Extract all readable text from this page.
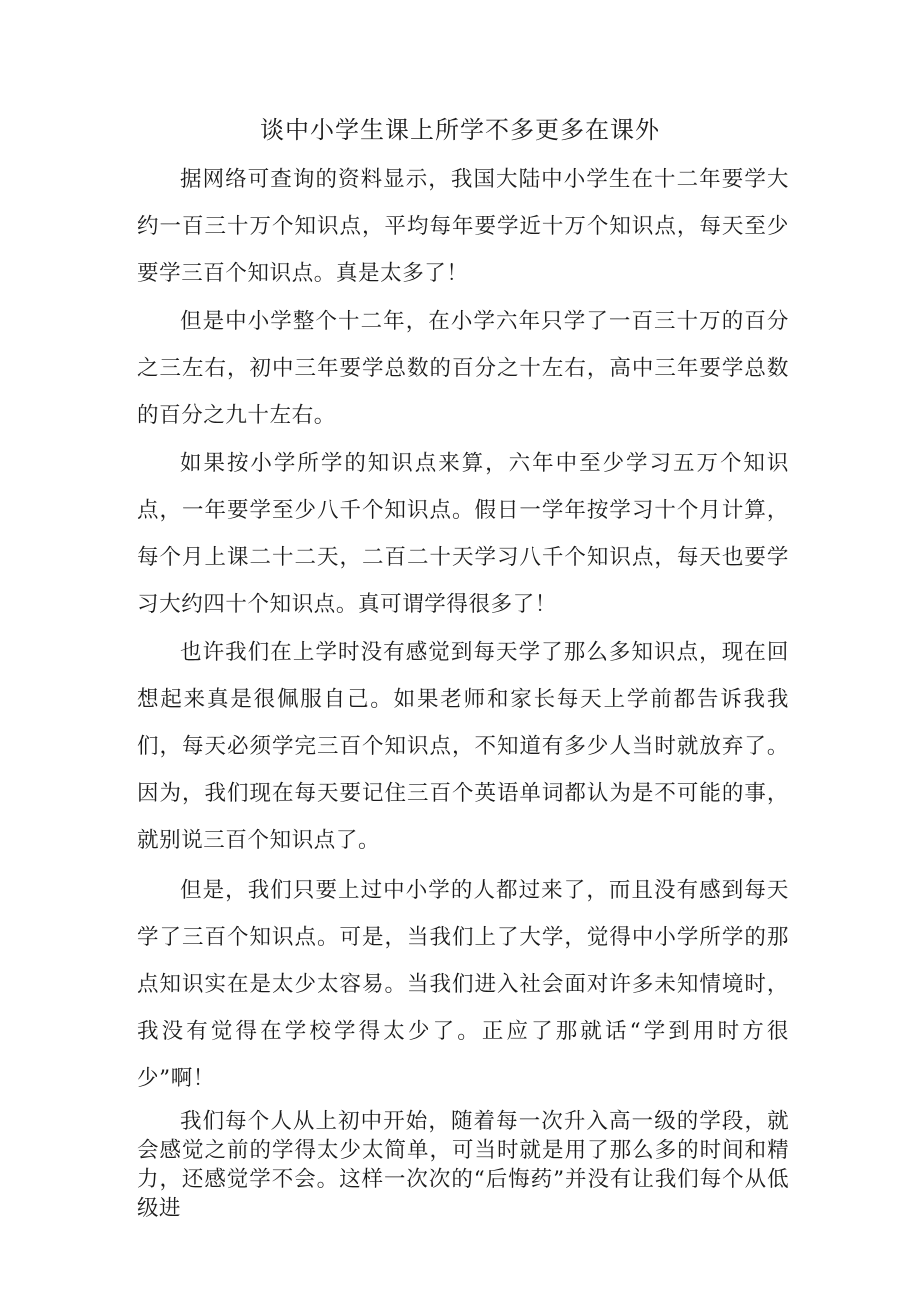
谈中小学生课上所学不多更多在课外

据网络可查询的资料显示，我国大陆中小学生在十二年要学大约一百三十万个知识点，平均每年要学近十万个知识点，每天至少要学三百个知识点。真是太多了！

但是中小学整个十二年，在小学六年只学了一百三十万的百分之三左右，初中三年要学总数的百分之十左右，高中三年要学总数的百分之九十左右。

如果按小学所学的知识点来算，六年中至少学习五万个知识点，一年要学至少八千个知识点。假日一学年按学习十个月计算，每个月上课二十二天，二百二十天学习八千个知识点，每天也要学习大约四十个知识点。真可谓学得很多了！

也许我们在上学时没有感觉到每天学了那么多知识点，现在回想起来真是很佩服自己。如果老师和家长每天上学前都告诉我我们，每天必须学完三百个知识点，不知道有多少人当时就放弃了。因为，我们现在每天要记住三百个英语单词都认为是不可能的事，就别说三百个知识点了。

但是，我们只要上过中小学的人都过来了，而且没有感到每天学了三百个知识点。可是，当我们上了大学，觉得中小学所学的那点知识实在是太少太容易。当我们进入社会面对许多未知情境时，我没有觉得在学校学得太少了。正应了那就话“学到用时方很少”啊！

我们每个人从上初中开始，随着每一次升入高一级的学段，就会感觉之前的学得太少太简单，可当时就是用了那么多的时间和精力，还感觉学不会。这样一次次的“后悔药”并没有让我们每个从低级进
